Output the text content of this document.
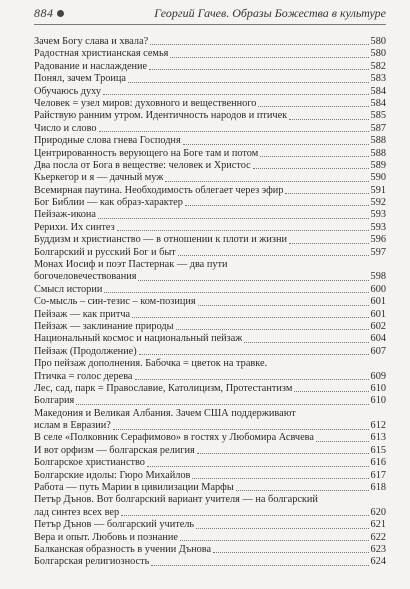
884	Георгий Гачев. Образы Божества в культуре
Зачем Богу слава и хвала?	580
Радостная христианская семья	580
Радование и наслаждение	582
Понял, зачем Троица	583
Обучаюсь духу	584
Человек = узел миров: духовного и вещественного	584
Райствую ранним утром. Идентичность народов и птичек	585
Число и слово	587
Природные слова гнева Господня	588
Центрированность верующего на Боге там и потом	588
Два посла от Бога в веществе: человек и Христос	589
Кьеркегор и я — дачный муж	590
Всемирная паутина. Необходимость облегает через эфир	591
Бог Библии — как образ-характер	592
Пейзаж-икона	593
Рерихи. Их синтез	593
Буддизм и христианство — в отношении к плоти и жизни	596
Болгарский и русский Бог и быт	597
Монах Иосиф и поэт Пастернак — два пути
богочеловечествования	598
Смысл истории	600
Со-мысль – син-тезис – ком-позиция	601
Пейзаж — как притча	601
Пейзаж — заклинание природы	602
Национальный космос и национальный пейзаж	604
Пейзаж (Продолжение)	607
Про пейзаж дополнения. Бабочка = цветок на травке.
Птичка = голос дерева	609
Лес, сад, парк = Православие, Католицизм, Протестантизм	610
Болгария	610
Македония и Великая Албания. Зачем США поддерживают
ислам в Евразии?	612
В селе «Полковник Серафимово» в гостях у Любомира Асвчева	613
И вот орфизм — болгарская религия	615
Болгарское христианство	616
Болгарские идолы: Гюро Михайлов	617
Работа — путь Марии в цивилизации Марфы	618
Петър Дънов. Вот болгарский вариант учителя — на болгарский
лад синтез всех вер	620
Петър Дънов — болгарский учитель	621
Вера и опыт. Любовь и познание	622
Балканская образность в учении Дънова	623
Болгарская религиозность	624
